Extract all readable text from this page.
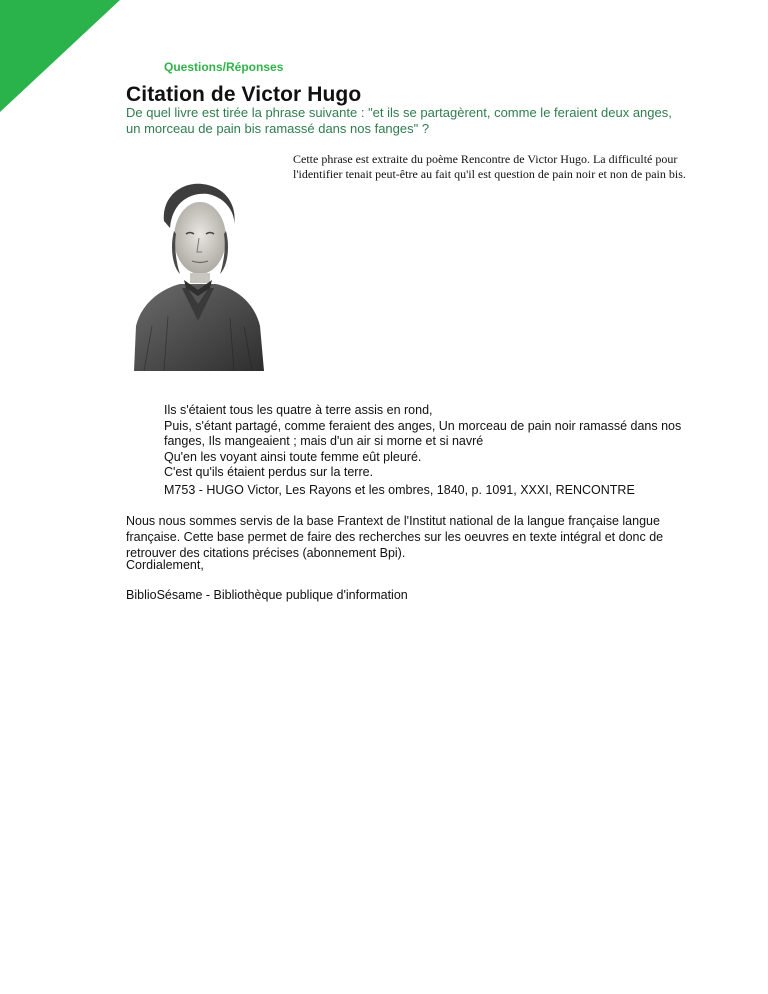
Questions/Réponses
Citation de Victor Hugo
De quel livre est tirée la phrase suivante : "et ils se partagèrent, comme le feraient deux anges, un morceau de pain bis ramassé dans nos fanges" ?
Cette phrase est extraite du poème Rencontre de Victor Hugo. La difficulté pour l'identifier tenait peut-être au fait qu'il est question de pain noir et non de pain bis.
Ils s'étaient tous les quatre à terre assis en rond,
Puis, s'étant partagé, comme feraient des anges, Un morceau de pain noir ramassé dans nos fanges, Ils mangeaient ; mais d'un air si morne et si navré
Qu'en les voyant ainsi toute femme eût pleuré.
C'est qu'ils étaient perdus sur la terre.
M753 - HUGO Victor, Les Rayons et les ombres, 1840, p. 1091, XXXI, RENCONTRE
Nous nous sommes servis de la base Frantext de l'Institut national de la langue française langue française. Cette base permet de faire des recherches sur les oeuvres en texte intégral et donc de retrouver des citations précises (abonnement Bpi).
Cordialement,
BiblioSésame - Bibliothèque publique d'information
